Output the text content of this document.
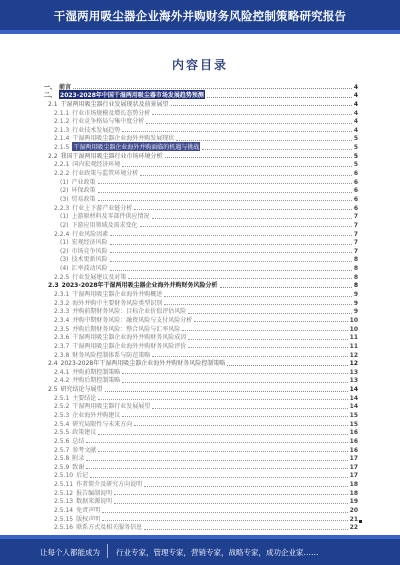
干湿两用吸尘器企业海外并购财务风险控制策略研究报告
内容目录
一、 前言	4
二、 2023-2028年中国干湿两用吸尘器市场发展趋势预测	4
2.1 干湿两用吸尘器行业发展现状及前景展望	4
2.1.1 行业市场规模及增长态势分析	4
2.1.2 行业竞争格局与集中度分析	4
2.1.3 行业技术发展趋势	4
2.1.4 干湿两用吸尘器企业海外并购发展现状	5
2.1.5 干湿两用吸尘器企业海外并购面临的机遇与挑战	5
2.2 我国干湿两用吸尘器行业市场环境分析	5
2.2.1 国内宏观经济环境	5
2.2.2 行业政策与监管环境分析	6
(1) 产业政策	6
(2) 环保政策	6
(3) 贸易政策	6
2.2.3 行业上下游产业链分析	6
(1) 上游原材料及零部件供应情况	7
(2) 下游应用领域及需求变化	7
2.2.4 行业风险因素	7
(1) 宏观经济风险	7
(2) 市场竞争风险	7
(3) 技术更新风险	8
(4) 汇率波动风险	8
2.2.5 行业发展建议及对策	8
2.3 2023-2028年干湿两用吸尘器企业海外并购财务风险分析	8
2.3.1 干湿两用吸尘器企业海外并购概述	9
2.3.2 海外并购中主要财务风险类型识别	9
2.3.3 并购前期财务风险：目标企业价值评估风险	9
2.3.4 并购中期财务风险：融资风险与支付风险分析	10
2.3.5 并购后期财务风险：整合风险与汇率风险	10
2.3.6 干湿两用吸尘器企业海外并购财务风险成因	11
2.3.7 干湿两用吸尘器企业海外并购财务风险评价	11
2.3.8 财务风险控制体系与防范策略	12
2.4 2023-2028年干湿两用吸尘器企业海外并购财务风险控制策略	12
2.4.1 并购前期控制策略	13
2.4.2 并购后期控制策略	13
2.5 研究结论与展望	14
2.5.1 主要结论	14
2.5.2 干湿两用吸尘器行业发展展望	14
2.5.3 企业海外并购建议	15
2.5.4 研究局限性与未来方向	15
2.5.5 政策建议	16
2.5.6 总结	16
2.5.7 参考文献	16
2.5.8 附录	17
2.5.9 致谢	17
2.5.10 后记	17
2.5.11 作者简介及研究方向说明	18
2.5.12 报告编制说明	18
2.5.13 数据来源说明	19
2.5.14 免责声明	20
2.5.15 版权声明	21
2.5.16 联系方式及相关服务信息	22
让每个人都能成为 行业专家，管理专家，营销专家，战略专家，成功企业家……
